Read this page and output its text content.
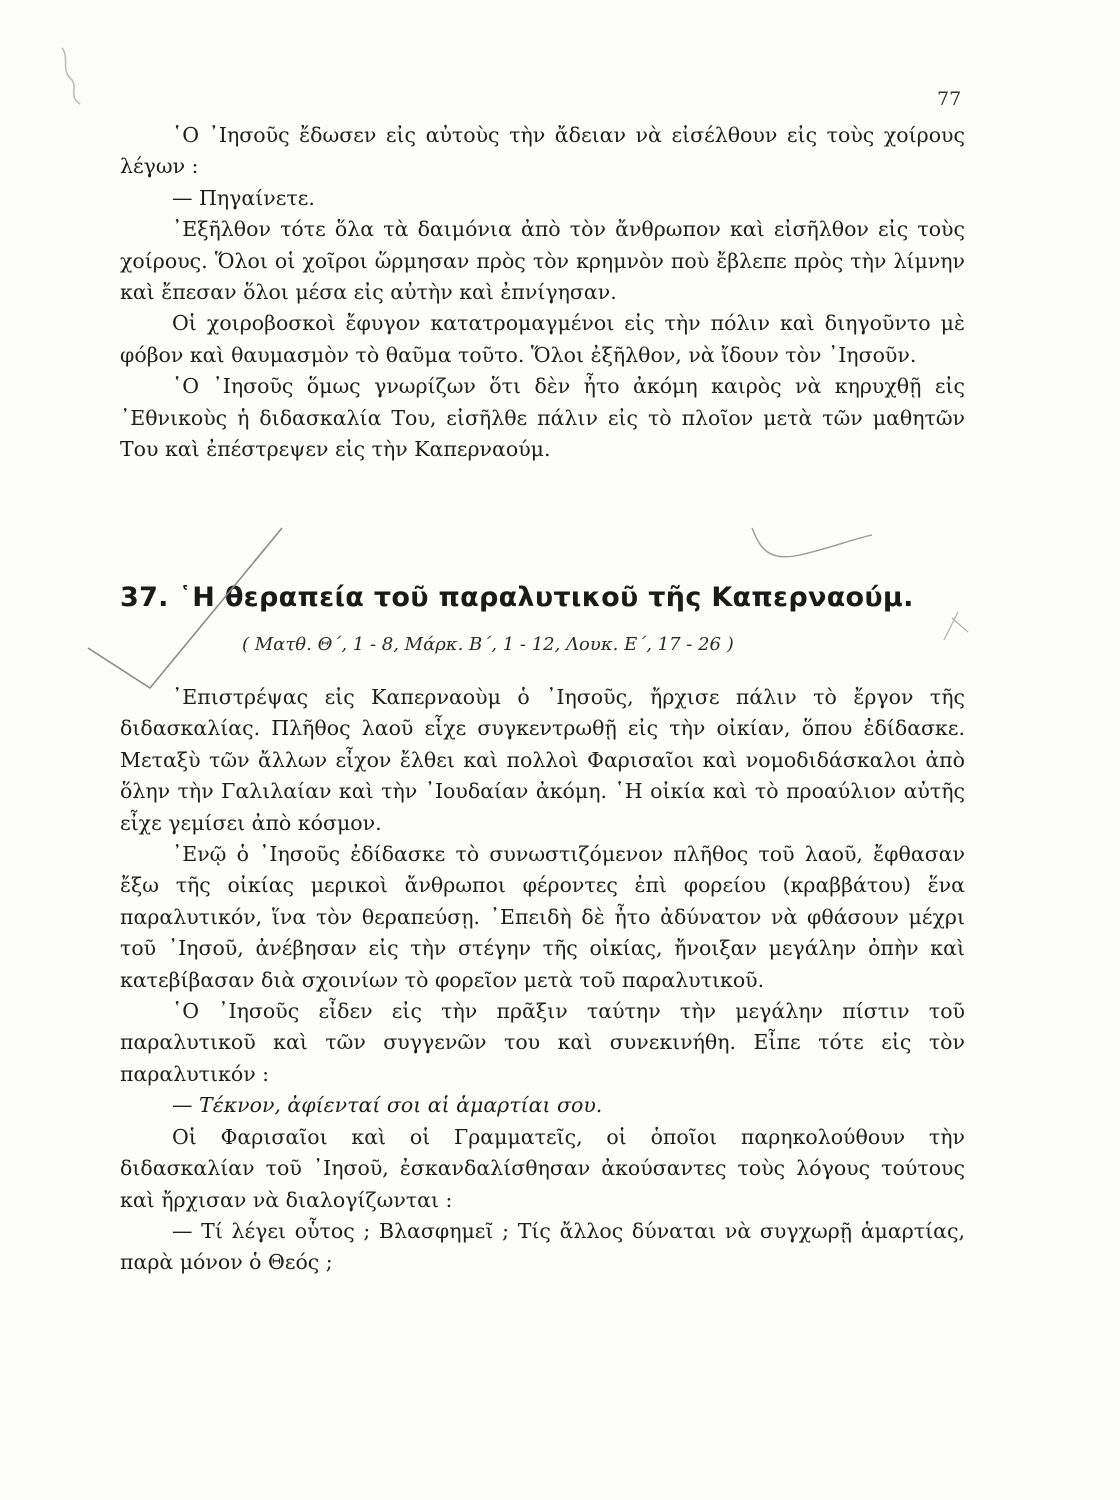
77

῾Ο ᾿Ιησοῦς ἔδωσεν εἰς αὐτοὺς τὴν ἄδειαν νὰ εἰσέλθουν εἰς τοὺς χοίρους λέγων :

— Πηγαίνετε.

᾿Εξῆλθον τότε ὅλα τὰ δαιμόνια ἀπὸ τὸν ἄνθρωπον καὶ εἰσῆλθον εἰς τοὺς χοίρους. Ὅλοι οἱ χοῖροι ὥρμησαν πρὸς τὸν κρημνὸν ποὺ ἔβλεπε πρὸς τὴν λίμνην καὶ ἔπεσαν ὅλοι μέσα εἰς αὐτὴν καὶ ἐπνίγησαν.

Οἱ χοιροβοσκοὶ ἔφυγον κατατρομαγμένοι εἰς τὴν πόλιν καὶ διηγοῦντο μὲ φόβον καὶ θαυμασμὸν τὸ θαῦμα τοῦτο. Ὅλοι ἐξῆλθον, νὰ ἴδουν τὸν ᾿Ιησοῦν.

῾Ο ᾿Ιησοῦς ὅμως γνωρίζων ὅτι δὲν ἦτο ἀκόμη καιρὸς νὰ κηρυχθῇ εἰς ᾿Εθνικοὺς ἡ διδασκαλία Του, εἰσῆλθε πάλιν εἰς τὸ πλοῖον μετὰ τῶν μαθητῶν Του καὶ ἐπέστρεψεν εἰς τὴν Καπερναούμ.

37. ῾Η θεραπεία τοῦ παραλυτικοῦ τῆς Καπερναούμ.
( Ματθ. Θ΄, 1 - 8, Μάρκ. Β΄, 1 - 12, Λουκ. Ε΄, 17 - 26 )

᾿Επιστρέψας εἰς Καπερναοὺμ ὁ ᾿Ιησοῦς, ἤρχισε πάλιν τὸ ἔργον τῆς διδασκαλίας. Πλῆθος λαοῦ εἶχε συγκεντρωθῇ εἰς τὴν οἰκίαν, ὅπου ἐδίδασκε. Μεταξὺ τῶν ἄλλων εἶχον ἔλθει καὶ πολλοὶ Φαρισαῖοι καὶ νομοδιδάσκαλοι ἀπὸ ὅλην τὴν Γαλιλαίαν καὶ τὴν ᾿Ιουδαίαν ἀκόμη. ῾Η οἰκία καὶ τὸ προαύλιον αὐτῆς εἶχε γεμίσει ἀπὸ κόσμον.

᾿Ενῷ ὁ ᾿Ιησοῦς ἐδίδασκε τὸ συνωστιζόμενον πλῆθος τοῦ λαοῦ, ἔφθασαν ἔξω τῆς οἰκίας μερικοὶ ἄνθρωποι φέροντες ἐπὶ φορείου (κραββάτου) ἕνα παραλυτικόν, ἵνα τὸν θεραπεύσῃ. ᾿Επειδὴ δὲ ἦτο ἀδύνατον νὰ φθάσουν μέχρι τοῦ ᾿Ιησοῦ, ἀνέβησαν εἰς τὴν στέγην τῆς οἰκίας, ἤνοιξαν μεγάλην ὀπὴν καὶ κατεβίβασαν διὰ σχοινίων τὸ φορεῖον μετὰ τοῦ παραλυτικοῦ.

῾Ο ᾿Ιησοῦς εἶδεν εἰς τὴν πρᾶξιν ταύτην τὴν μεγάλην πίστιν τοῦ παραλυτικοῦ καὶ τῶν συγγενῶν του καὶ συνεκινήθη. Εἶπε τότε εἰς τὸν παραλυτικόν :

— Τέκνον, ἀφίενταί σοι αἱ ἁμαρτίαι σου.

Οἱ Φαρισαῖοι καὶ οἱ Γραμματεῖς, οἱ ὁποῖοι παρηκολούθουν τὴν διδασκαλίαν τοῦ ᾿Ιησοῦ, ἐσκανδαλίσθησαν ἀκούσαντες τοὺς λόγους τούτους καὶ ἤρχισαν νὰ διαλογίζωνται :

— Τί λέγει οὗτος ; Βλασφημεῖ ; Τίς ἄλλος δύναται νὰ συγχωρῇ ἁμαρτίας, παρὰ μόνον ὁ Θεός ;
